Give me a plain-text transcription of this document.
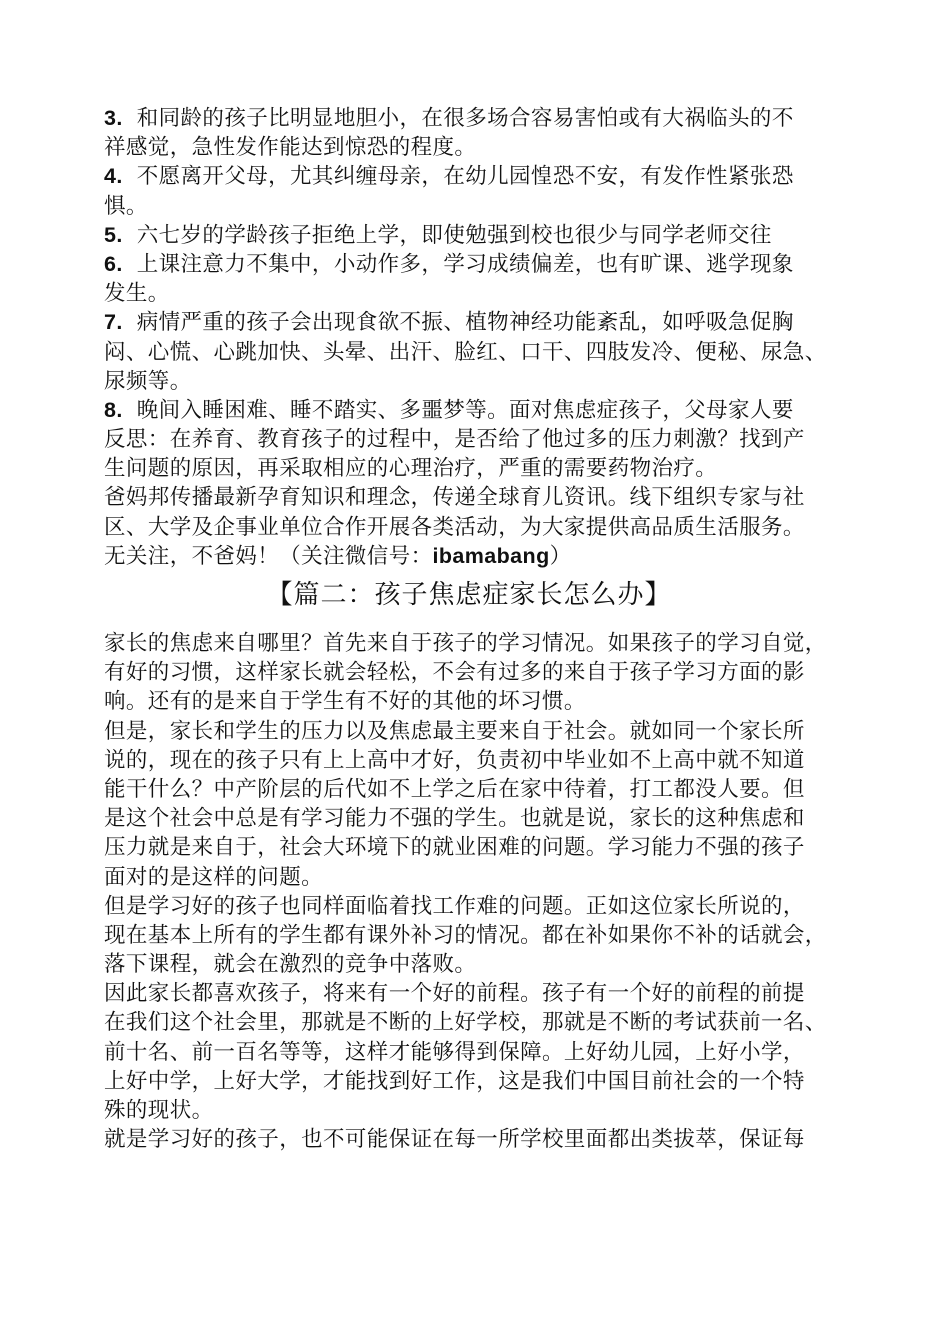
3. 和同龄的孩子比明显地胆小，在很多场合容易害怕或有大祸临头的不
祥感觉，急性发作能达到惊恐的程度。
4. 不愿离开父母，尤其纠缠母亲，在幼儿园惶恐不安，有发作性紧张恐
惧。
5. 六七岁的学龄孩子拒绝上学，即使勉强到校也很少与同学老师交往
6. 上课注意力不集中，小动作多，学习成绩偏差，也有旷课、逃学现象
发生。
7. 病情严重的孩子会出现食欲不振、植物神经功能紊乱，如呼吸急促胸
闷、心慌、心跳加快、头晕、出汗、脸红、口干、四肢发冷、便秘、尿急、
尿频等。
8. 晚间入睡困难、睡不踏实、多噩梦等。面对焦虑症孩子，父母家人要
反思：在养育、教育孩子的过程中，是否给了他过多的压力刺激？找到产
生问题的原因，再采取相应的心理治疗，严重的需要药物治疗。
爸妈邦传播最新孕育知识和理念，传递全球育儿资讯。线下组织专家与社
区、大学及企事业单位合作开展各类活动，为大家提供高品质生活服务。
无关注，不爸妈！（关注微信号：ibamabang）
【篇二：孩子焦虑症家长怎么办】
家长的焦虑来自哪里？首先来自于孩子的学习情况。如果孩子的学习自觉，
有好的习惯，这样家长就会轻松，不会有过多的来自于孩子学习方面的影
响。还有的是来自于学生有不好的其他的坏习惯。
但是，家长和学生的压力以及焦虑最主要来自于社会。就如同一个家长所
说的，现在的孩子只有上上高中才好，负责初中毕业如不上高中就不知道
能干什么？中产阶层的后代如不上学之后在家中待着，打工都没人要。但
是这个社会中总是有学习能力不强的学生。也就是说，家长的这种焦虑和
压力就是来自于，社会大环境下的就业困难的问题。学习能力不强的孩子
面对的是这样的问题。
但是学习好的孩子也同样面临着找工作难的问题。正如这位家长所说的，
现在基本上所有的学生都有课外补习的情况。都在补如果你不补的话就会，
落下课程，就会在激烈的竞争中落败。
因此家长都喜欢孩子，将来有一个好的前程。孩子有一个好的前程的前提
在我们这个社会里，那就是不断的上好学校，那就是不断的考试获前一名、
前十名、前一百名等等，这样才能够得到保障。上好幼儿园，上好小学，
上好中学，上好大学，才能找到好工作，这是我们中国目前社会的一个特
殊的现状。
就是学习好的孩子，也不可能保证在每一所学校里面都出类拔萃，保证每
